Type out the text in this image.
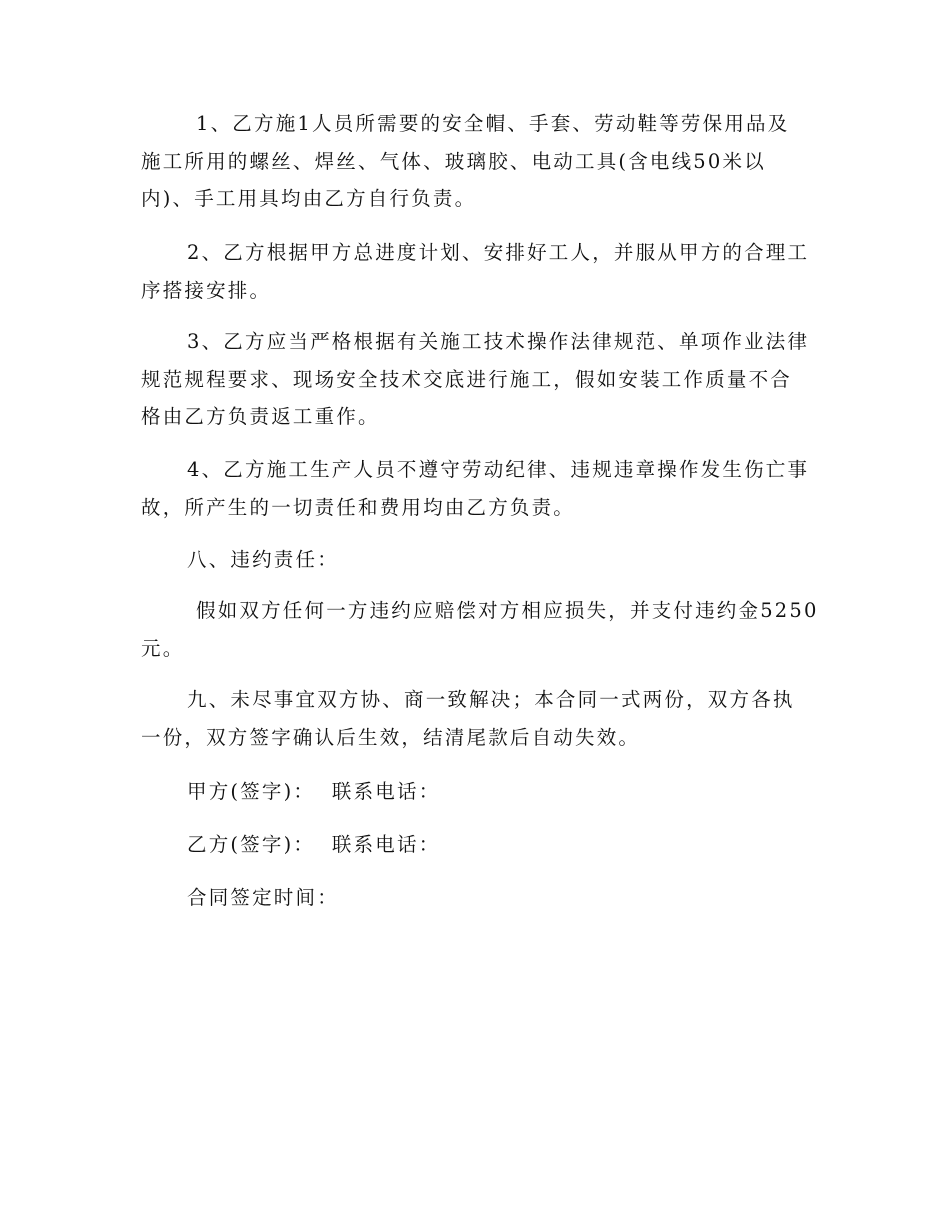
1、乙方施1人员所需要的安全帽、手套、劳动鞋等劳保用品及
施工所用的螺丝、焊丝、气体、玻璃胶、电动工具(含电线50米以
内)、手工用具均由乙方自行负责。
2、乙方根据甲方总进度计划、安排好工人，并服从甲方的合理工
序搭接安排。
3、乙方应当严格根据有关施工技术操作法律规范、单项作业法律
规范规程要求、现场安全技术交底进行施工，假如安装工作质量不合
格由乙方负责返工重作。
4、乙方施工生产人员不遵守劳动纪律、违规违章操作发生伤亡事
故，所产生的一切责任和费用均由乙方负责。
八、违约责任：
假如双方任何一方违约应赔偿对方相应损失，并支付违约金5250
元。
九、未尽事宜双方协、商一致解决；本合同一式两份，双方各执
一份，双方签字确认后生效，结清尾款后自动失效。
甲方(签字)：  联系电话：
乙方(签字)：  联系电话：
合同签定时间：
